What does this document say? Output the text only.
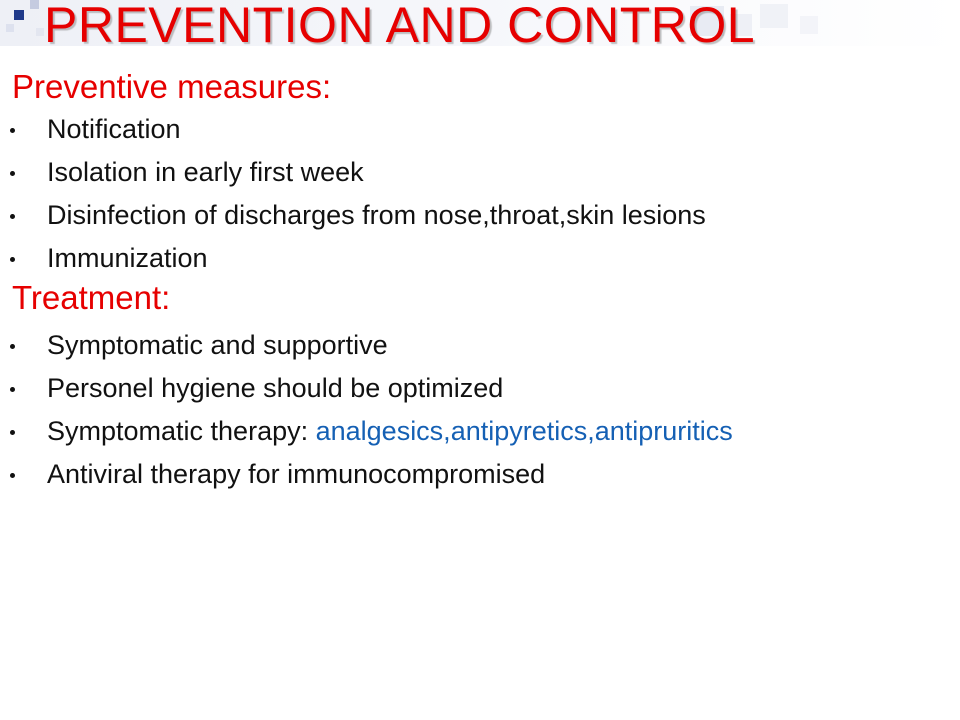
PREVENTION AND CONTROL
Preventive measures:
Notification
Isolation in early first week
Disinfection of discharges from nose,throat,skin lesions
Immunization
Treatment:
Symptomatic and supportive
Personel hygiene should be optimized
Symptomatic therapy: analgesics,antipyretics,antipruritics
Antiviral therapy for immunocompromised
